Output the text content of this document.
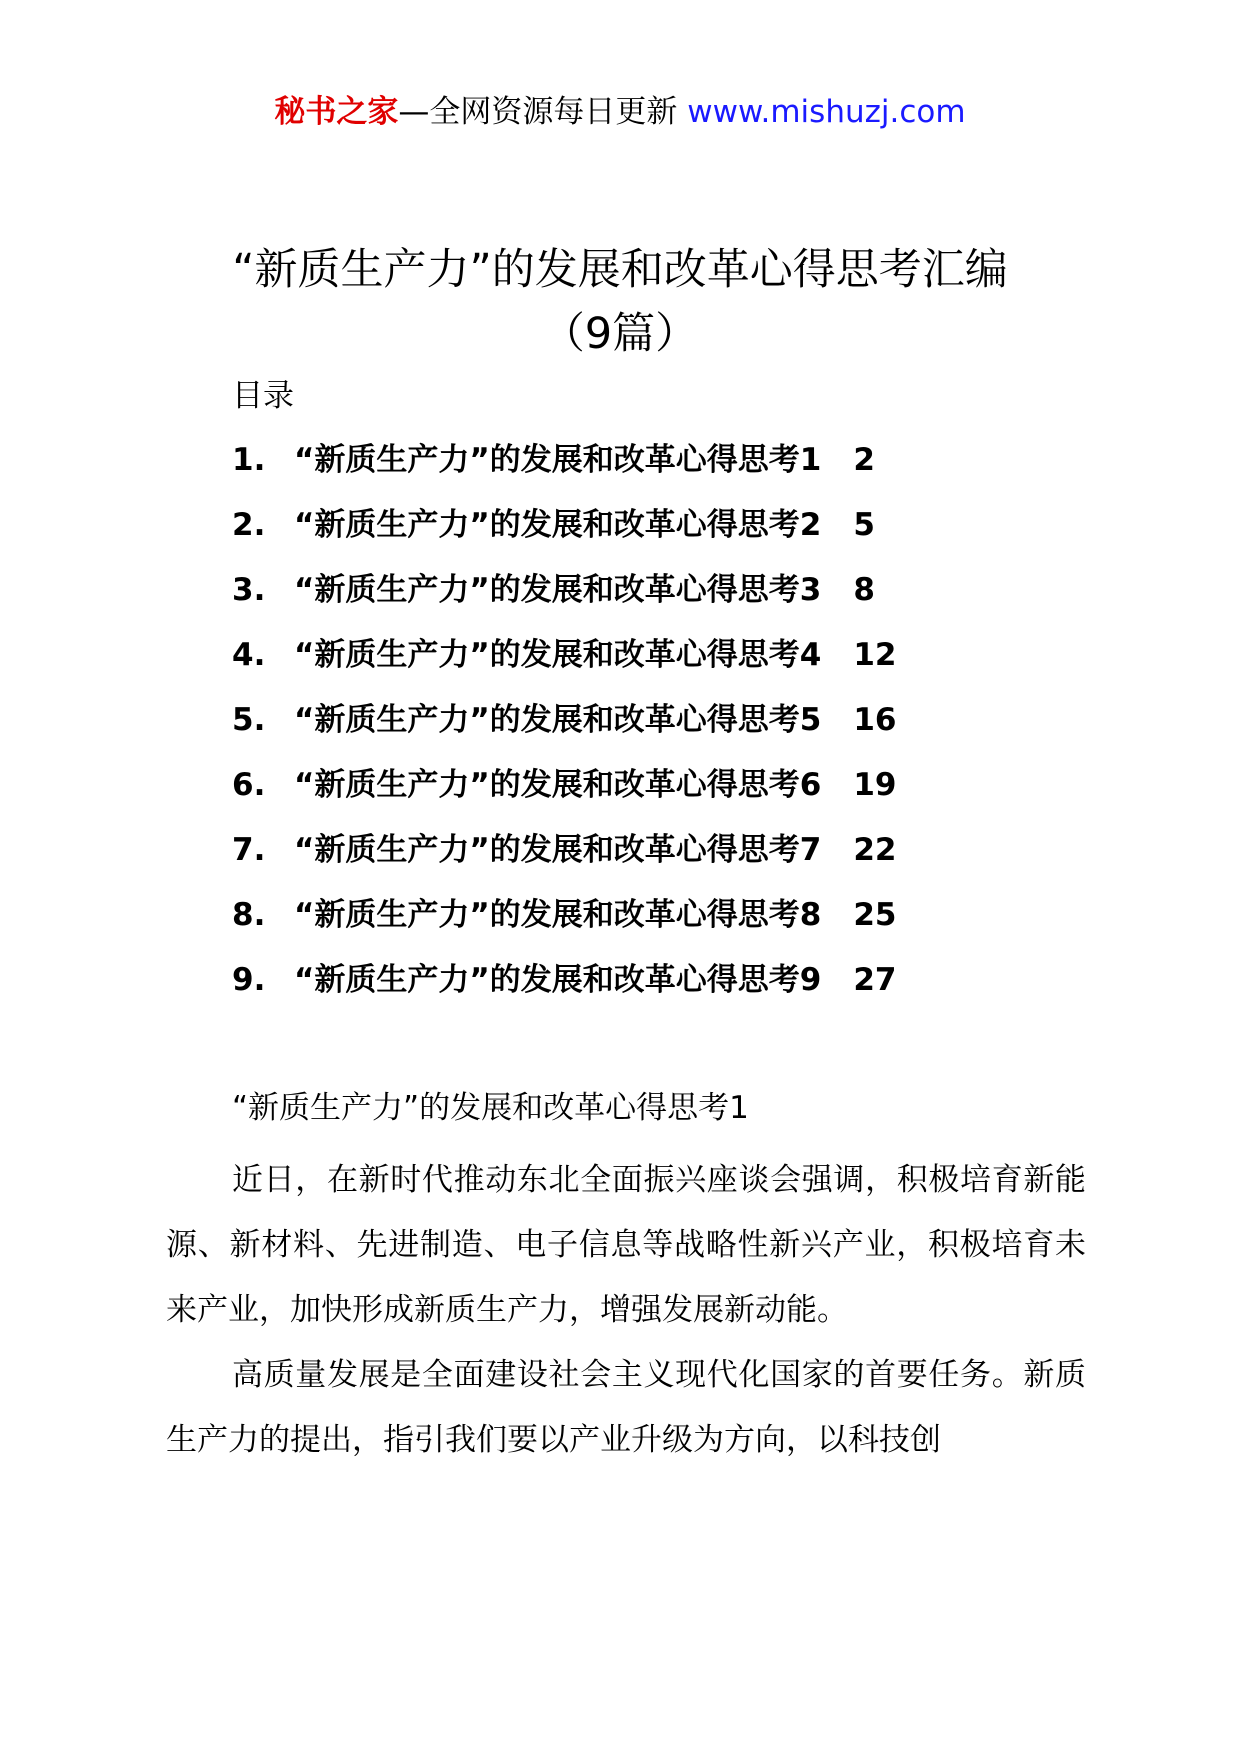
秘书之家—全网资源每日更新 www.mishuzj.com
“新质生产力”的发展和改革心得思考汇编
（9篇）
目录
1. “新质生产力”的发展和改革心得思考1 2
2. “新质生产力”的发展和改革心得思考2 5
3. “新质生产力”的发展和改革心得思考3 8
4. “新质生产力”的发展和改革心得思考4 12
5. “新质生产力”的发展和改革心得思考5 16
6. “新质生产力”的发展和改革心得思考6 19
7. “新质生产力”的发展和改革心得思考7 22
8. “新质生产力”的发展和改革心得思考8 25
9. “新质生产力”的发展和改革心得思考9 27
“新质生产力”的发展和改革心得思考1

近日，在新时代推动东北全面振兴座谈会强调，积极培育新能源、新材料、先进制造、电子信息等战略性新兴产业，积极培育未来产业，加快形成新质生产力，增强发展新动能。

高质量发展是全面建设社会主义现代化国家的首要任务。新质生产力的提出，指引我们要以产业升级为方向，以科技创
